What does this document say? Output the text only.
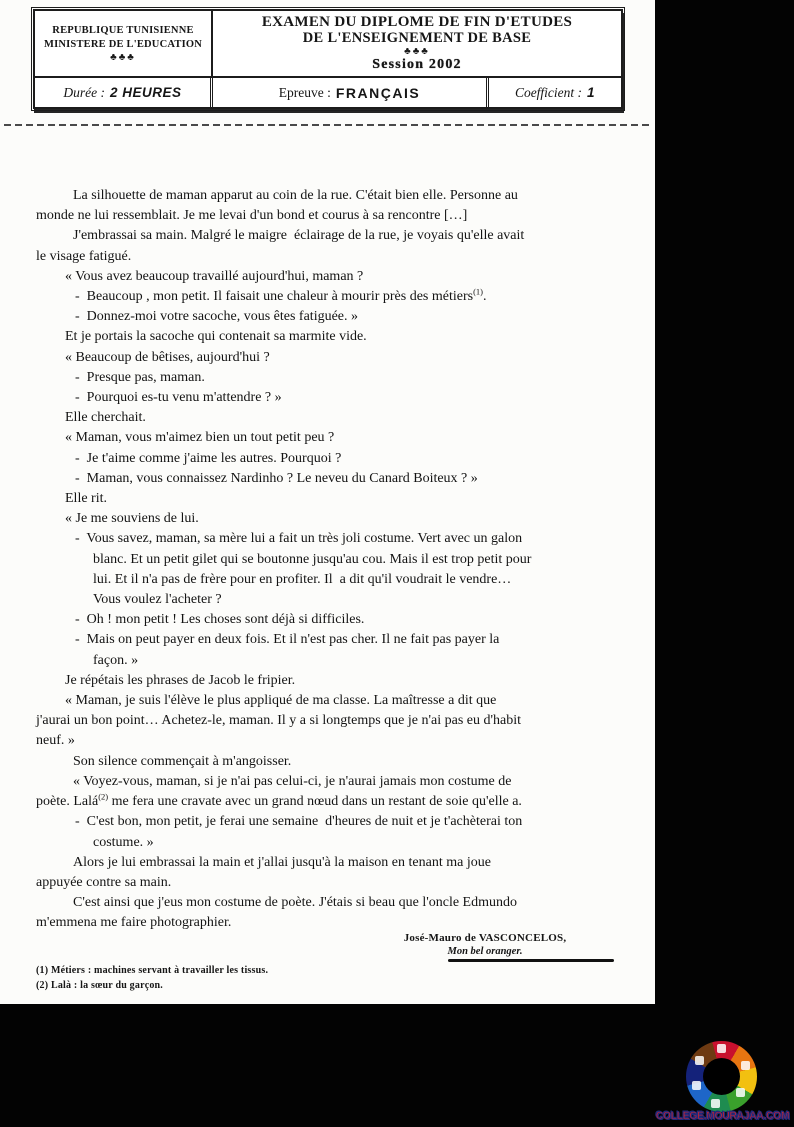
REPUBLIQUE TUNISIENNE
MINISTERE DE L'EDUCATION
♣♣♣
EXAMEN DU DIPLOME DE FIN D'ETUDES
DE L'ENSEIGNEMENT DE BASE
♣♣♣
Session 2002
Durée : 2 HEURES	Epreuve : FRANÇAIS	Coefficient : 1
La silhouette de maman apparut au coin de la rue. C'était bien elle. Personne au
monde ne lui ressemblait. Je me levai d'un bond et courus à sa rencontre […]
J'embrassai sa main. Malgré le maigre  éclairage de la rue, je voyais qu'elle avait
le visage fatigué.
« Vous avez beaucoup travaillé aujourd'hui, maman ?
-  Beaucoup , mon petit. Il faisait une chaleur à mourir près des métiers$^{(1)}$.
-  Donnez-moi votre sacoche, vous êtes fatiguée. »
Et je portais la sacoche qui contenait sa marmite vide.
« Beaucoup de bêtises, aujourd'hui ?
-  Presque pas, maman.
-  Pourquoi es-tu venu m'attendre ? »
Elle cherchait.
« Maman, vous m'aimez bien un tout petit peu ?
-  Je t'aime comme j'aime les autres. Pourquoi ?
-  Maman, vous connaissez Nardinho ? Le neveu du Canard Boiteux ? »
Elle rit.
« Je me souviens de lui.
-  Vous savez, maman, sa mère lui a fait un très joli costume. Vert avec un galon
blanc. Et un petit gilet qui se boutonne jusqu'au cou. Mais il est trop petit pour
lui. Et il n'a pas de frère pour en profiter. Il  a dit qu'il voudrait le vendre…
Vous voulez l'acheter ?
-  Oh ! mon petit ! Les choses sont déjà si difficiles.
-  Mais on peut payer en deux fois. Et il n'est pas cher. Il ne fait pas payer la
façon. »
Je répétais les phrases de Jacob le fripier.
« Maman, je suis l'élève le plus appliqué de ma classe. La maîtresse a dit que
j'aurai un bon point… Achetez-le, maman. Il y a si longtemps que je n'ai pas eu d'habit
neuf. »
Son silence commençait à m'angoisser.
« Voyez-vous, maman, si je n'ai pas celui-ci, je n'aurai jamais mon costume de
poète. Lalá$^{(2)}$ me fera une cravate avec un grand nœud dans un restant de soie qu'elle a.
-  C'est bon, mon petit, je ferai une semaine  d'heures de nuit et je t'achèterai ton
costume. »
Alors je lui embrassai la main et j'allai jusqu'à la maison en tenant ma joue
appuyée contre sa main.
C'est ainsi que j'eus mon costume de poète. J'étais si beau que l'oncle Edmundo
m'emmena me faire photographier.
José-Mauro de VASCONCELOS,
Mon bel oranger.
(1) Métiers : machines servant à travailler les tissus.
(2) Lalà : la sœur du garçon.
COLLEGE.MOURAJAA.COM
